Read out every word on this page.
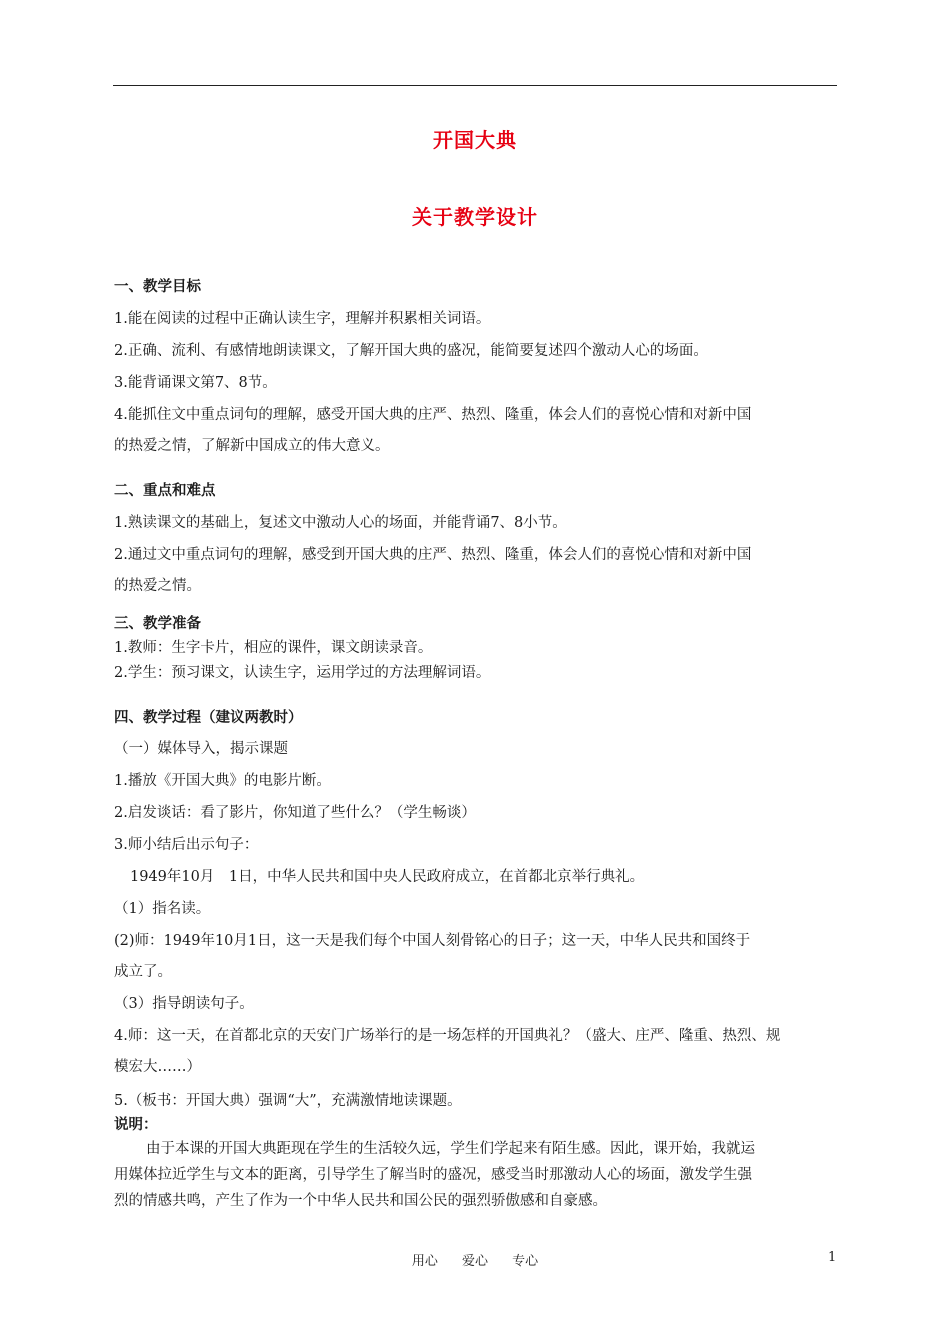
开国大典
关于教学设计
一、教学目标
1.能在阅读的过程中正确认读生字，理解并积累相关词语。
2.正确、流利、有感情地朗读课文，了解开国大典的盛况，能简要复述四个激动人心的场面。
3.能背诵课文第7、8节。
4.能抓住文中重点词句的理解，感受开国大典的庄严、热烈、隆重，体会人们的喜悦心情和对新中国
的热爱之情，了解新中国成立的伟大意义。
二、重点和难点
1.熟读课文的基础上，复述文中激动人心的场面，并能背诵7、8小节。
2.通过文中重点词句的理解，感受到开国大典的庄严、热烈、隆重，体会人们的喜悦心情和对新中国
的热爱之情。
三、教学准备
1.教师：生字卡片，相应的课件，课文朗读录音。
2.学生：预习课文，认读生字，运用学过的方法理解词语。
四、教学过程（建议两教时）
（一）媒体导入，揭示课题
1.播放《开国大典》的电影片断。
2.启发谈话：看了影片，你知道了些什么？（学生畅谈）
3.师小结后出示句子：
1949年10月　1日，中华人民共和国中央人民政府成立，在首都北京举行典礼。
（1）指名读。
(2)师：1949年10月1日，这一天是我们每个中国人刻骨铭心的日子；这一天，中华人民共和国终于
成立了。
（3）指导朗读句子。
4.师：这一天，在首都北京的天安门广场举行的是一场怎样的开国典礼？（盛大、庄严、隆重、热烈、规
模宏大……）
5.（板书：开国大典）强调“大”，充满激情地读课题。
说明：
由于本课的开国大典距现在学生的生活较久远，学生们学起来有陌生感。因此，课开始，我就运
用媒体拉近学生与文本的距离，引导学生了解当时的盛况，感受当时那激动人心的场面，激发学生强
烈的情感共鸣，产生了作为一个中华人民共和国公民的强烈骄傲感和自豪感。
用心 爱心 专心	1
